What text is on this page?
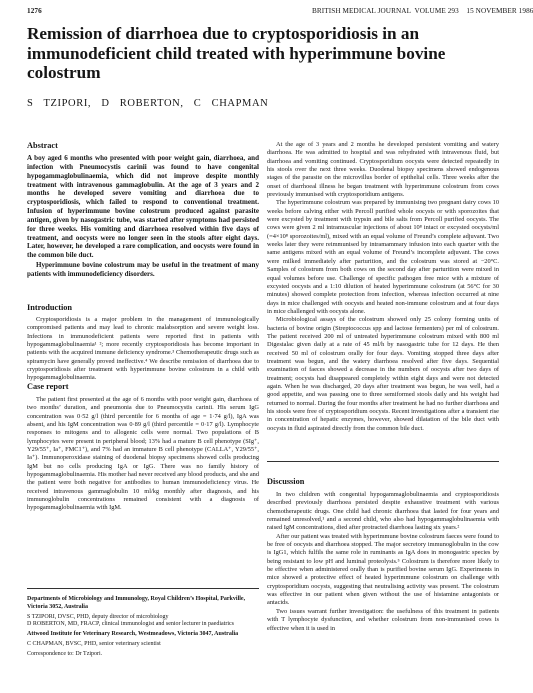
1276	BRITISH MEDICAL JOURNAL  VOLUME 293    15 NOVEMBER 1986
Remission of diarrhoea due to cryptosporidiosis in an immunodeficient child treated with hyperimmune bovine colostrum
S TZIPORI, D ROBERTON, C CHAPMAN
Abstract

A boy aged 6 months who presented with poor weight gain, diarrhoea, and infection with Pneumocystis carinii was found to have congenital hypogammaglobulinaemia, which did not improve despite monthly treatment with intravenous gammaglobulin. At the age of 3 years and 2 months he developed severe vomiting and diarrhoea due to cryptosporidiosis, which failed to respond to conventional treatment. Infusion of hyperimmune bovine colostrum produced against parasite antigen, given by nasogastric tube, was started after symptoms had persisted for three weeks. His vomiting and diarrhoea resolved within five days of treatment, and oocysts were no longer seen in the stools after eight days. Later, however, he developed a rare complication, and oocysts were found in the common bile duct.

Hyperimmune bovine colostrum may be useful in the treatment of many patients with immunodeficiency disorders.

Introduction

Cryptosporidiosis is a major problem in the management of immunologically compromised patients and may lead to chronic malabsorption and severe weight loss. Infections in immunodeficient patients were reported first in patients with hypogammaglobulinaemia¹ ²; more recently cryptosporidiosis has become important in patients with the acquired immune deficiency syndrome.³ Chemotherapeutic drugs such as spiramycin have generally proved ineffective.⁴ We describe remission of diarrhoea due to cryptosporidiosis after treatment with hyperimmune bovine colostrum in a child with hypogammaglobulinaemia.

Case report

The patient first presented at the age of 6 months with poor weight gain, diarrhoea of two months’ duration, and pneumonia due to Pneumocystis carinii. His serum IgG concentration was 0·52 g/l (third percentile for 6 months of age = 1·74 g/l), IgA was absent, and his IgM concentration was 0·89 g/l (third percentile = 0·17 g/l). Lymphocyte responses to mitogens and to allogenic cells were normal. Two populations of B lymphocytes were present in peripheral blood; 13% had a mature B cell phenotype (SIg⁺, Y29/55⁺, Ia⁺, FMC1⁺), and 7% had an immature B cell phenotype (CALLA⁺, Y29/55⁺, Ia⁺). Immunoperoxidase staining of duodenal biopsy specimens showed cells producing IgM but no cells producing IgA or IgG. There was no family history of hypogammaglobulinaemia. His mother had never received any blood products, and she and the patient were both negative for antibodies to human immunodeficiency virus. He received intravenous gammaglobulin 10 ml/kg monthly after diagnosis, and his immunoglobulin concentrations remained consistent with a diagnosis of hypogammaglobulinaemia with IgM.

Departments of Microbiology and Immunology, Royal Children’s Hospital, Parkville, Victoria 3052, Australia

S TZIPORI, DVSC, PHD, deputy director of microbiology

D ROBERTON, MD, FRACP, clinical immunologist and senior lecturer in paediatrics

Attwood Institute for Veterinary Research, Westmeadows, Victoria 3047, Australia

C CHAPMAN, BVSC, PHD, senior veterinary scientist

Correspondence to: Dr Tzipori.

At the age of 3 years and 2 months he developed persistent vomiting and watery diarrhoea. He was admitted to hospital and was rehydrated with intravenous fluid, but diarrhoea and vomiting continued. Cryptosporidium oocysts were detected repeatedly in his stools over the next three weeks. Duodenal biopsy specimens showed endogenous stages of the parasite on the microvillus border of epithelial cells. Three weeks after the onset of diarrhoeal illness he began treatment with hyperimmune colostrum from cows previously immunised with cryptosporidium antigens.

The hyperimmune colostrum was prepared by immunising two pregnant dairy cows 10 weeks before calving either with Percoll purified whole oocysts or with sporozoites that were excysted by treatment with trypsin and bile salts from Percoll purified oocysts. The cows were given 2 ml intramuscular injections of about 10⁸ intact or excysted oocysts/ml (=4×10⁸ sporozoites/ml), mixed with an equal volume of Freund’s complete adjuvant. Two weeks later they were reimmunised by intramammary infusion into each quarter with the same antigens mixed with an equal volume of Freund’s incomplete adjuvant. The cows were milked immediately after parturition, and the colostrum was stored at −20°C. Samples of colostrum from both cows on the second day after parturition were mixed in equal volumes before use. Challenge of specific pathogen free mice with a mixture of excysted oocysts and a 1:10 dilution of heated hyperimmune colostrum (at 56°C for 30 minutes) showed complete protection from infection, whereas infection occurred at nine days in mice challenged with oocysts and heated non-immune colostrum and at four days in mice challenged with oocysts alone.

Microbiological assays of the colostrum showed only 25 colony forming units of bacteria of bovine origin (Streptococcus spp and lactose fermenters) per ml of colostrum. The patient received 200 ml of untreated hyperimmune colostrum mixed with 800 ml Digestalac given daily at a rate of 45 ml/h by nasogastric tube for 12 days. He then received 50 ml of colostrum orally for four days. Vomiting stopped three days after treatment was begun, and the watery diarrhoea resolved after five days. Sequential examination of faeces showed a decrease in the numbers of oocysts after two days of treatment; oocysts had disappeared completely within eight days and were not detected again. When he was discharged, 20 days after treatment was begun, he was well, had a good appetite, and was passing one to three semiformed stools daily and his weight had returned to normal. During the four months after treatment he had no further diarrhoea and his stools were free of cryptosporidium oocysts. Recent investigations after a transient rise in concentration of hepatic enzymes, however, showed dilatation of the bile duct with oocysts in fluid aspirated directly from the common bile duct.

Discussion

In two children with congenital hypogammaglobulinaemia and cryptosporidiosis described previously diarrhoea persisted despite exhaustive treatment with various chemotherapeutic drugs. One child had chronic diarrhoea that lasted for four years and remained unresolved,¹ and a second child, who also had hypogammaglobulinaemia with raised IgM concentrations, died after protracted diarrhoea lasting six years.²

After our patient was treated with hyperimmune bovine colostrum faeces were found to be free of oocysts and diarrhoea stopped. The major secretory immunoglobulin in the cow is IgG1, which fulfils the same role in ruminants as IgA does in monogastric species by being resistant to low pH and luminal proteolysis.⁵ Colostrum is therefore more likely to be effective when administered orally than is purified bovine serum IgG. Experiments in mice showed a protective effect of heated hyperimmune colostrum on challenge with cryptosporidium oocysts, suggesting that neutralising activity was present. The colostrum was effective in our patient when given without the use of histamine antagonists or antacids.

Two issues warrant further investigation: the usefulness of this treatment in patients with T lymphocyte dysfunction, and whether colostrum from non-immunised cows is effective when it is used in
